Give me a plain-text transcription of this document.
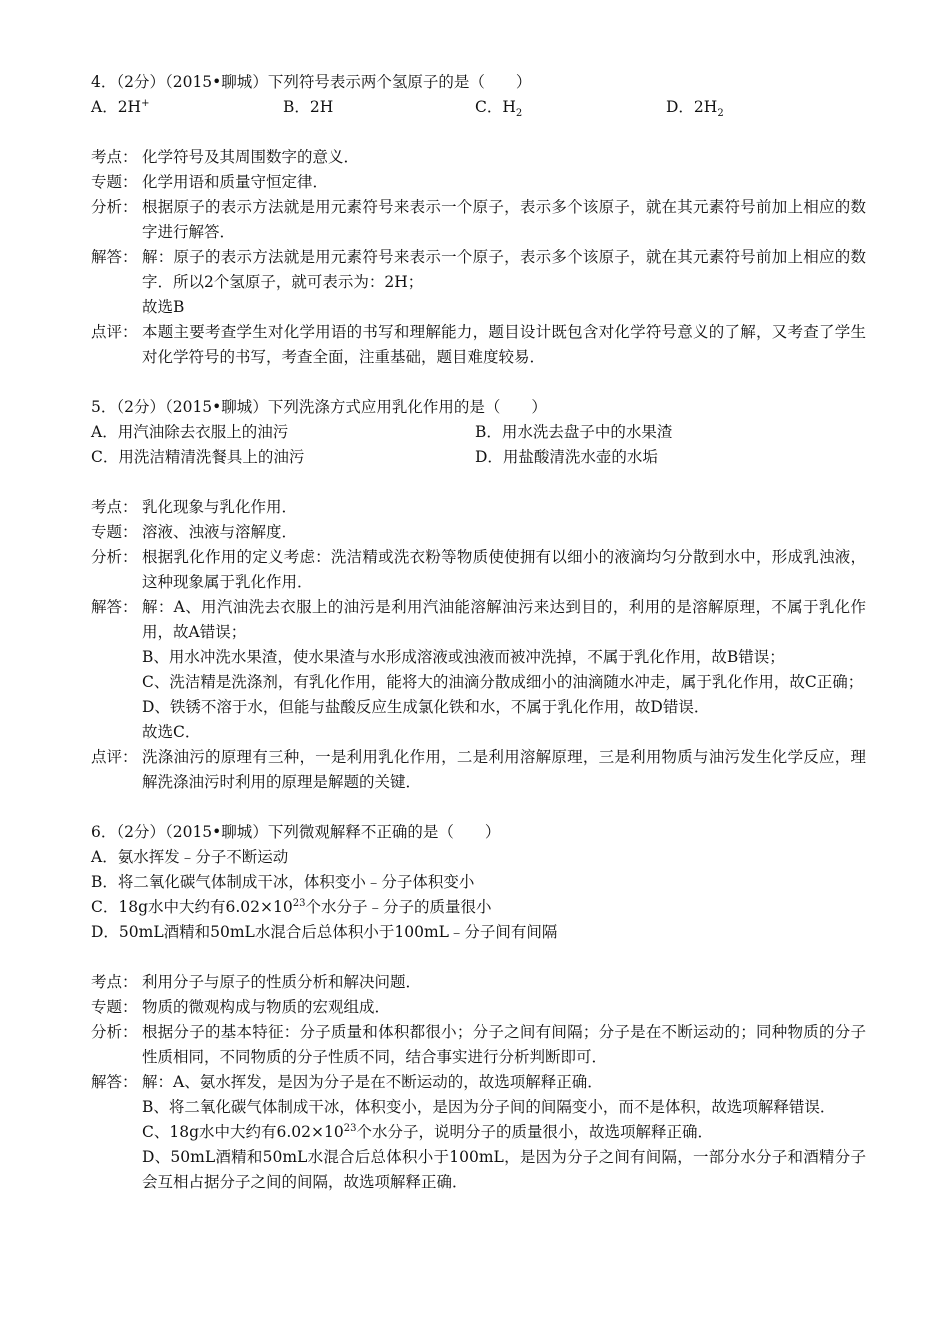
4．（2分）（2015•聊城）下列符号表示两个氢原子的是（　　）
A．2H+	B．2H	C．$H_2$	D．$2H_2$
考点： 化学符号及其周围数字的意义．

专题： 化学用语和质量守恒定律．

分析： 根据原子的表示方法就是用元素符号来表示一个原子，表示多个该原子，就在其元素符号前加上相应的数字进行解答．

解答： 解：原子的表示方法就是用元素符号来表示一个原子，表示多个该原子，就在其元素符号前加上相应的数字．所以2个氢原子，就可表示为：2H；

故选B

点评： 本题主要考查学生对化学用语的书写和理解能力，题目设计既包含对化学符号意义的了解，又考查了学生对化学符号的书写，考查全面，注重基础，题目难度较易．

5．（2分）（2015•聊城）下列洗涤方式应用乳化作用的是（　　）
A．用汽油除去衣服上的油污	B．用水洗去盘子中的水果渣
C．用洗洁精清洗餐具上的油污	D．用盐酸清洗水壶的水垢
考点： 乳化现象与乳化作用．

专题： 溶液、浊液与溶解度．

分析： 根据乳化作用的定义考虑：洗洁精或洗衣粉等物质使使拥有以细小的液滴均匀分散到水中，形成乳浊液，这种现象属于乳化作用．

解答： 解：A、用汽油洗去衣服上的油污是利用汽油能溶解油污来达到目的，利用的是溶解原理，不属于乳化作用，故A错误；

B、用水冲洗水果渣，使水果渣与水形成溶液或浊液而被冲洗掉，不属于乳化作用，故B错误；

C、洗洁精是洗涤剂，有乳化作用，能将大的油滴分散成细小的油滴随水冲走，属于乳化作用，故C正确；

D、铁锈不溶于水，但能与盐酸反应生成氯化铁和水，不属于乳化作用，故D错误．

故选C．

点评： 洗涤油污的原理有三种，一是利用乳化作用，二是利用溶解原理，三是利用物质与油污发生化学反应，理解洗涤油污时利用的原理是解题的关键．

6．（2分）（2015•聊城）下列微观解释不正确的是（　　）
A．氨水挥发﹣分子不断运动
B．将二氧化碳气体制成干冰，体积变小﹣分子体积变小
C．18g水中大约有$6.02\times 10^{23}$个水分子﹣分子的质量很小
D．50mL酒精和50mL水混合后总体积小于100mL﹣分子间有间隔
考点： 利用分子与原子的性质分析和解决问题．

专题： 物质的微观构成与物质的宏观组成．

分析： 根据分子的基本特征：分子质量和体积都很小；分子之间有间隔；分子是在不断运动的；同种物质的分子性质相同，不同物质的分子性质不同，结合事实进行分析判断即可．

解答： 解：A、氨水挥发，是因为分子是在不断运动的，故选项解释正确．

B、将二氧化碳气体制成干冰，体积变小，是因为分子间的间隔变小，而不是体积，故选项解释错误．

C、18g水中大约有$6.02\times 10^{23}$个水分子，说明分子的质量很小，故选项解释正确．

D、50mL酒精和50mL水混合后总体积小于100mL，是因为分子之间有间隔，一部分水分子和酒精分子会互相占据分子之间的间隔，故选项解释正确．
